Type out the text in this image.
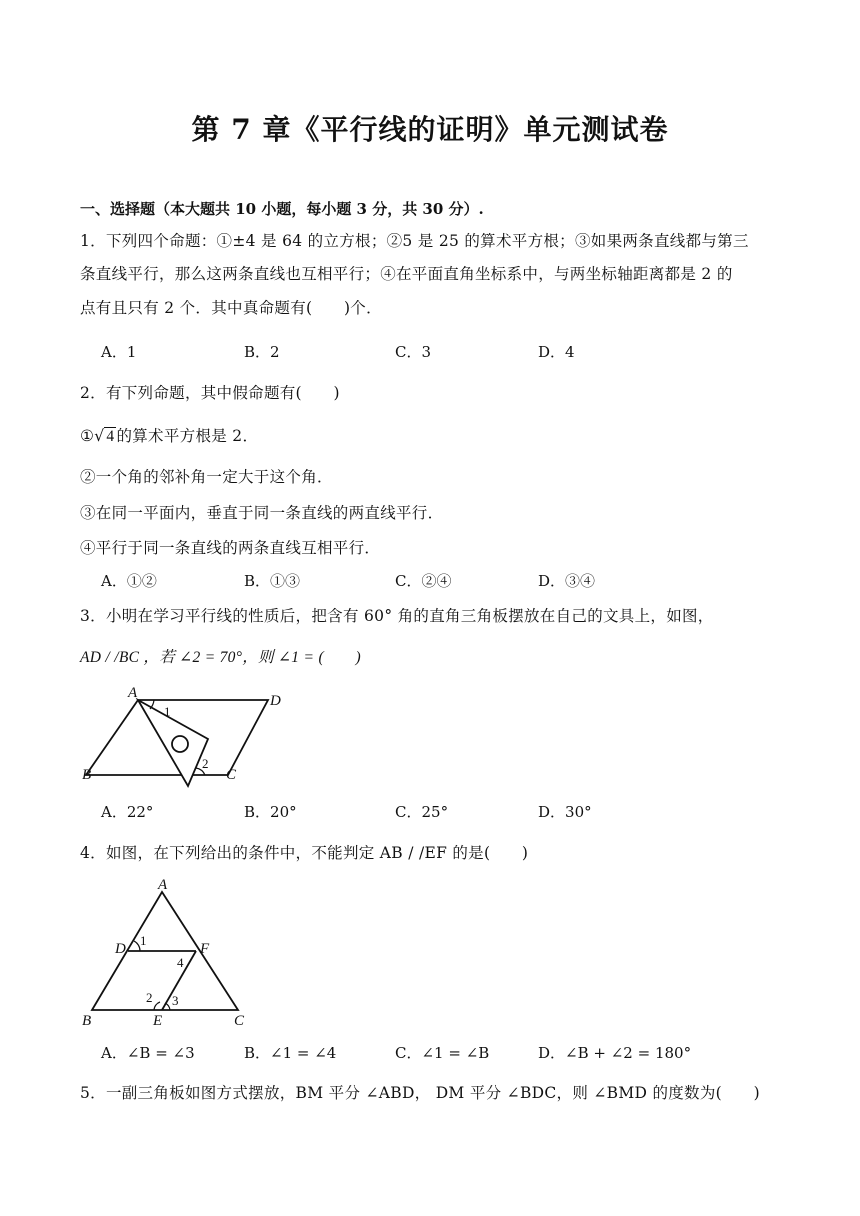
第 7 章《平行线的证明》单元测试卷
一、选择题（本大题共 10 小题，每小题 3 分，共 30 分）.
1．下列四个命题：①±4 是 64 的立方根；②5 是 25 的算术平方根；③如果两条直线都与第三
条直线平行，那么这两条直线也互相平行；④在平面直角坐标系中，与两坐标轴距离都是 2 的
点有且只有 2 个．其中真命题有(　　)个．
A．1	B．2	C．3	D．4
2．有下列命题，其中假命题有(　　)
①√ 4 的算术平方根是 2．
②一个角的邻补角一定大于这个角．
③在同一平面内，垂直于同一条直线的两直线平行．
④平行于同一条直线的两条直线互相平行．
A．①②	B．①③	C．②④	D．③④
3．小明在学习平行线的性质后，把含有 60° 角的直角三角板摆放在自己的文具上，如图，
AD / /BC ，若 ∠2 = 70°，则 ∠1 = (　　)
A	D
B	C
1
2
A．22°	B．20°	C．25°	D．30°
4．如图，在下列给出的条件中，不能判定 AB / /EF 的是(　　)
A
D	F
B	E	C
1
4
2 3
A．∠B = ∠3	B．∠1 = ∠4	C．∠1 = ∠B	D．∠B + ∠2 = 180°
5．一副三角板如图方式摆放，BM 平分 ∠ABD， DM 平分 ∠BDC，则 ∠BMD 的度数为(　　)
